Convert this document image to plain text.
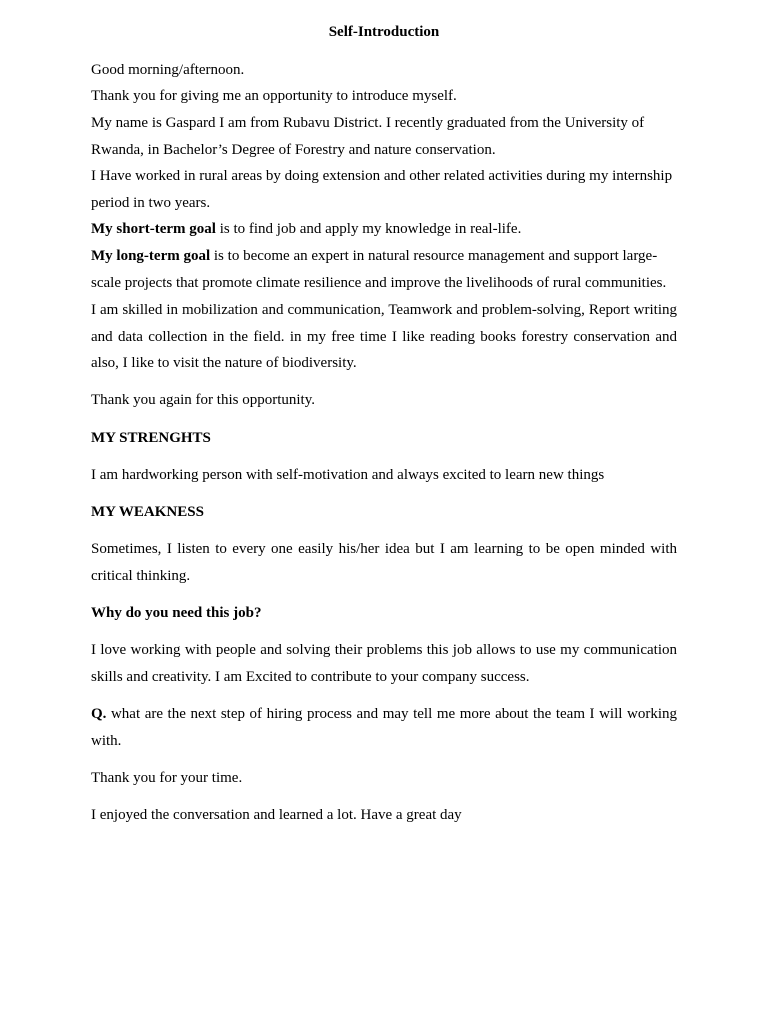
Self-Introduction

Good morning/afternoon.

Thank you for giving me an opportunity to introduce myself.

My name is Gaspard I am from Rubavu District. I recently graduated from the University of Rwanda, in Bachelor’s Degree of Forestry and nature conservation.

I Have worked in rural areas by doing extension and other related activities during my internship period in two years.

My short-term goal is to find job and apply my knowledge in real-life.

My long-term goal is to become an expert in natural resource management and support large-scale projects that promote climate resilience and improve the livelihoods of rural communities.

I am skilled in mobilization and communication, Teamwork and problem-solving, Report writing and data collection in the field. in my free time I like reading books forestry conservation and also, I like to visit the nature of biodiversity.

Thank you again for this opportunity.

MY STRENGHTS

I am hardworking person with self-motivation and always excited to learn new things

MY WEAKNESS

Sometimes, I listen to every one easily his/her idea but I am learning to be open minded with critical thinking.

Why do you need this job?

I love working with people and solving their problems this job allows to use my communication skills and creativity. I am Excited to contribute to your company success.

Q. what are the next step of hiring process and may tell me more about the team I will working with.

Thank you for your time.

I enjoyed the conversation and learned a lot. Have a great day
